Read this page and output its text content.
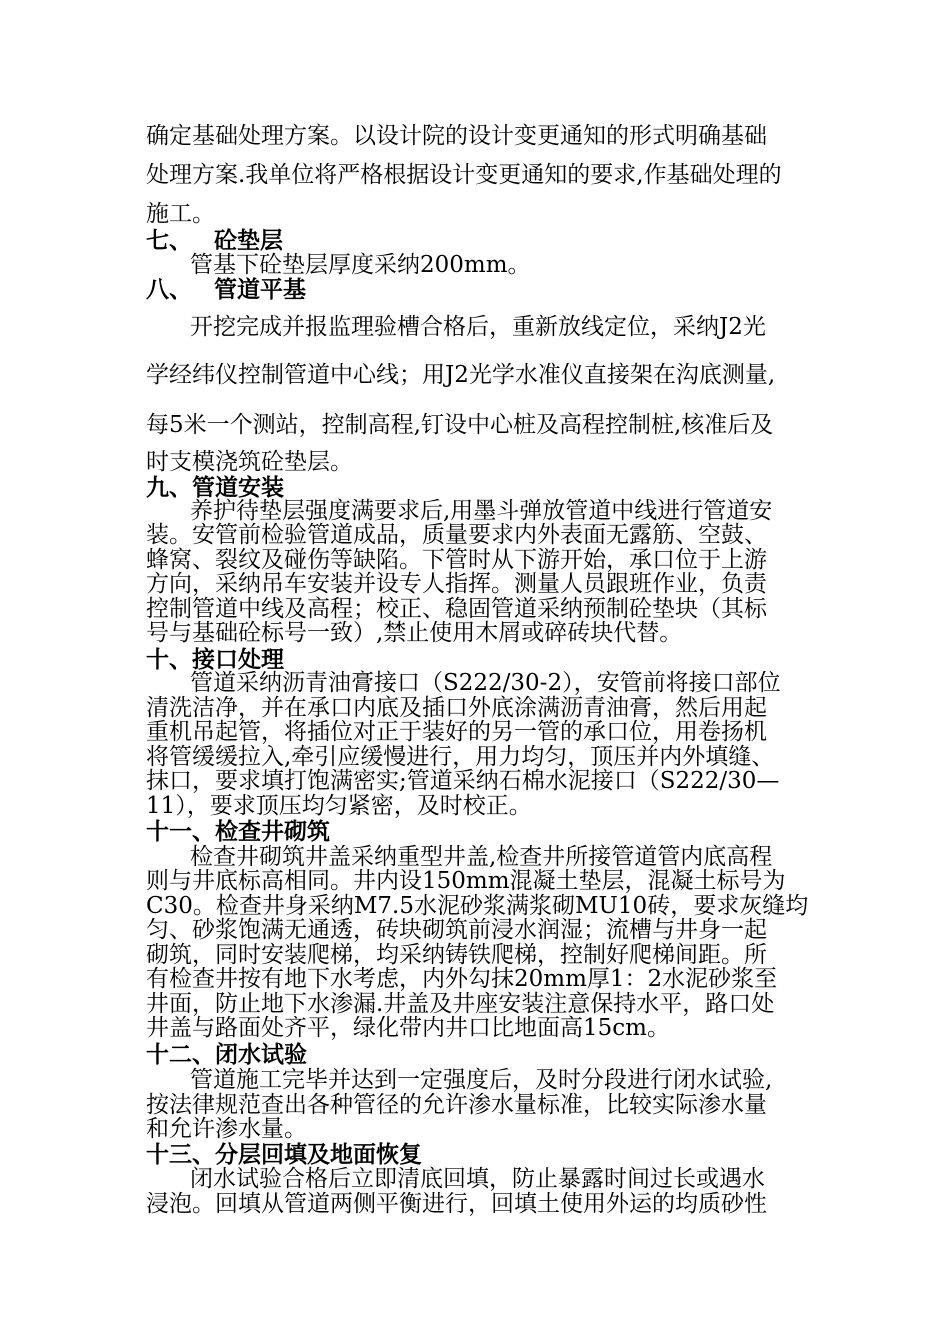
确定基础处理方案。以设计院的设计变更通知的形式明确基础
处理方案.我单位将严格根据设计变更通知的要求,作基础处理的
施工。
七、 砼垫层
管基下砼垫层厚度采纳200mm。
八、 管道平基
开挖完成并报监理验槽合格后，重新放线定位，采纳J2光
学经纬仪控制管道中心线；用J2光学水准仪直接架在沟底测量,
每5米一个测站，控制高程,钉设中心桩及高程控制桩,核准后及
时支模浇筑砼垫层。
九、管道安装
养护待垫层强度满要求后,用墨斗弹放管道中线进行管道安
装。安管前检验管道成品，质量要求内外表面无露筋、空鼓、
蜂窝、裂纹及碰伤等缺陷。下管时从下游开始，承口位于上游
方向，采纳吊车安装并设专人指挥。测量人员跟班作业，负责
控制管道中线及高程；校正、稳固管道采纳预制砼垫块（其标
号与基础砼标号一致）,禁止使用木屑或碎砖块代替。
十、接口处理
管道采纳沥青油膏接口（S222/30-2），安管前将接口部位
清洗洁净，并在承口内底及插口外底涂满沥青油膏，然后用起
重机吊起管，将插位对正于装好的另一管的承口位，用卷扬机
将管缓缓拉入,牵引应缓慢进行，用力均匀，顶压并内外填缝、
抹口，要求填打饱满密实;管道采纳石棉水泥接口（S222/30—
11），要求顶压均匀紧密，及时校正。
十一、检查井砌筑
检查井砌筑井盖采纳重型井盖,检查井所接管道管内底高程
则与井底标高相同。井内设150mm混凝土垫层，混凝土标号为
C30。检查井身采纳M7.5水泥砂浆满浆砌MU10砖，要求灰缝均
匀、砂浆饱满无通透，砖块砌筑前浸水润湿；流槽与井身一起
砌筑，同时安装爬梯，均采纳铸铁爬梯，控制好爬梯间距。所
有检查井按有地下水考虑，内外勾抹20mm厚1：2水泥砂浆至
井面，防止地下水渗漏.井盖及井座安装注意保持水平，路口处
井盖与路面处齐平，绿化带内井口比地面高15cm。
十二、闭水试验
管道施工完毕并达到一定强度后，及时分段进行闭水试验,
按法律规范查出各种管径的允许渗水量标准，比较实际渗水量
和允许渗水量。
十三、分层回填及地面恢复
闭水试验合格后立即清底回填，防止暴露时间过长或遇水
浸泡。回填从管道两侧平衡进行，回填土使用外运的均质砂性
